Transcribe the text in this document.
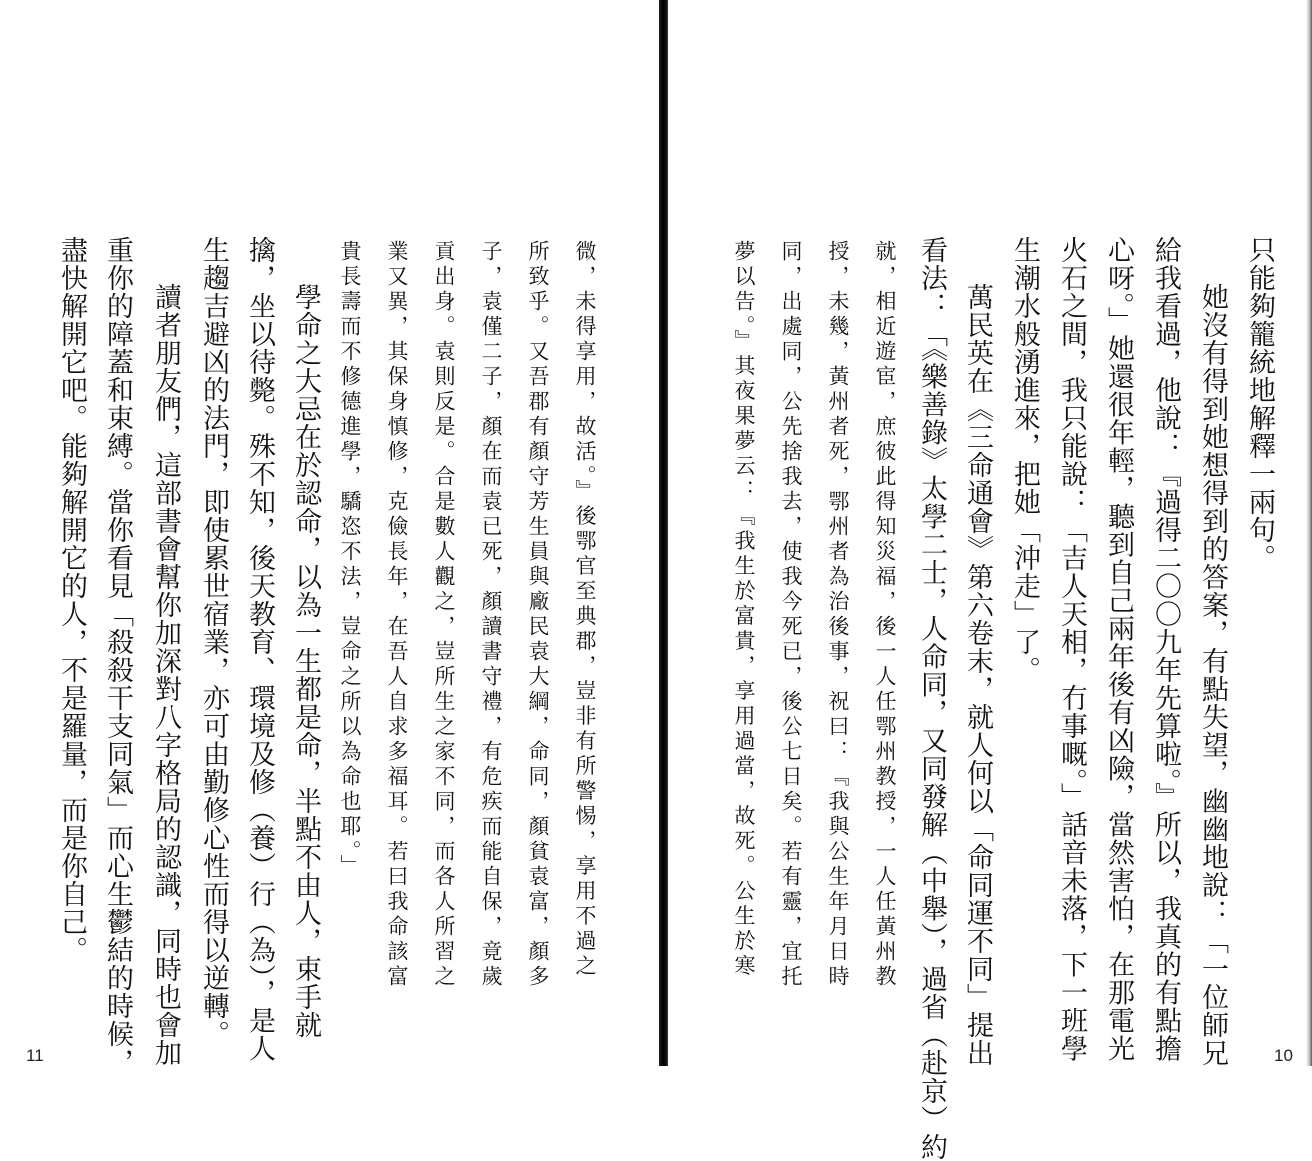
微，未得享用，故活。』後鄂官至典郡，豈非有所警惕，享用不過之
所致乎。又吾郡有顏守芳生員與廠民袁大綱，命同，顏貧袁富，顏多
子，袁僅二子，顏在而袁已死，顏讀書守禮，有危疾而能自保，竟歲
貢出身。袁則反是。合是數人觀之，豈所生之家不同，而各人所習之
業又異，其保身慎修，克儉長年，在吾人自求多福耳。若曰我命該富
貴長壽而不修德進學，驕恣不法，豈命之所以為命也耶。」
學命之大忌在於認命，以為一生都是命，半點不由人，束手就
擒，坐以待斃。殊不知，後天教育、環境及修（養）行（為），是人
生趨吉避凶的法門，即使累世宿業，亦可由勤修心性而得以逆轉。
讀者朋友們，這部書會幫你加深對八字格局的認識，同時也會加
重你的障蓋和束縛。當你看見「殺殺干支同氣」而心生鬱結的時候，
盡快解開它吧。能夠解開它的人，不是羅量，而是你自己。
11
只能夠籠統地解釋一兩句。
她沒有得到她想得到的答案，有點失望，幽幽地說：「一位師兄
給我看過，他說：『過得二〇〇九年先算啦。』所以，我真的有點擔
心呀。」她還很年輕，聽到自己兩年後有凶險，當然害怕，在那電光
火石之間，我只能說：「吉人天相，冇事嘅。」話音未落，下一班學
生潮水般湧進來，把她「沖走」了。
萬民英在《三命通會》第六卷末，就人何以「命同運不同」提出
看法：「《樂善錄》太學二士，人命同，又同發解（中舉），過省（赴京）約
就，相近遊宦，庶彼此得知災福，後一人任鄂州教授，一人任黃州教
授，未幾，黃州者死，鄂州者為治後事，祝曰：『我與公生年月日時
同，出處同，公先捨我去，使我今死已，後公七日矣。若有靈，宜托
夢以告。』其夜果夢云：『我生於富貴，享用過當，故死。公生於寒
10
